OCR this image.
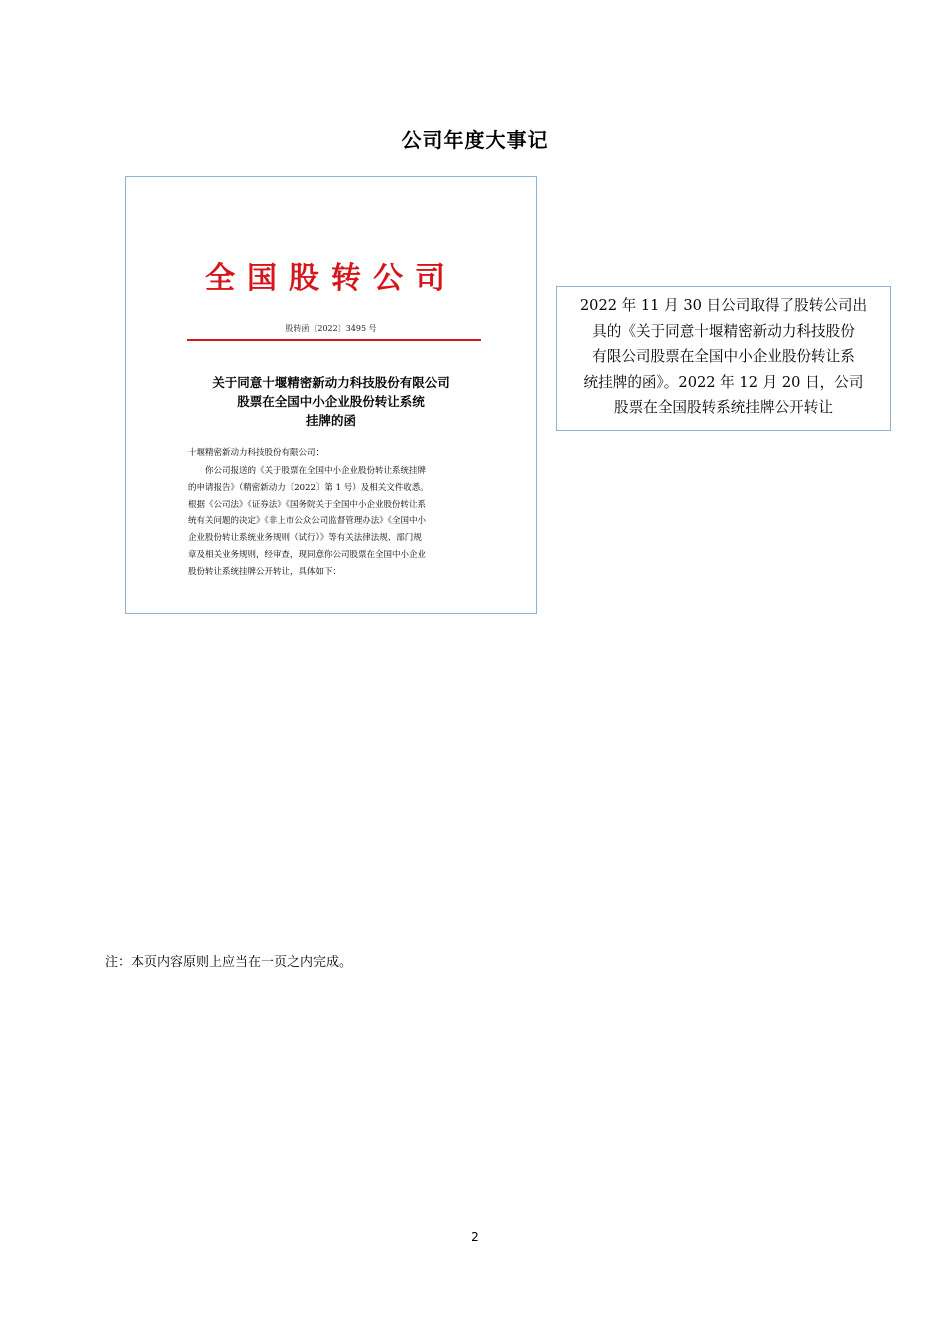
公司年度大事记
全国股转公司
股转函〔2022〕3495 号
关于同意十堰精密新动力科技股份有限公司
股票在全国中小企业股份转让系统
挂牌的函
十堰精密新动力科技股份有限公司：
你公司报送的《关于股票在全国中小企业股份转让系统挂牌
的申请报告》（精密新动力〔2022〕第 1 号）及相关文件收悉。
根据《公司法》《证券法》《国务院关于全国中小企业股份转让系
统有关问题的决定》《非上市公众公司监督管理办法》《全国中小
企业股份转让系统业务规则（试行）》等有关法律法规、部门规
章及相关业务规则，经审查，现同意你公司股票在全国中小企业
股份转让系统挂牌公开转让，具体如下：
2022 年 11 月 30 日公司取得了股转公司出
具的《关于同意十堰精密新动力科技股份
有限公司股票在全国中小企业股份转让系
统挂牌的函》。2022 年 12 月 20 日，公司
股票在全国股转系统挂牌公开转让
注：本页内容原则上应当在一页之内完成。
2
